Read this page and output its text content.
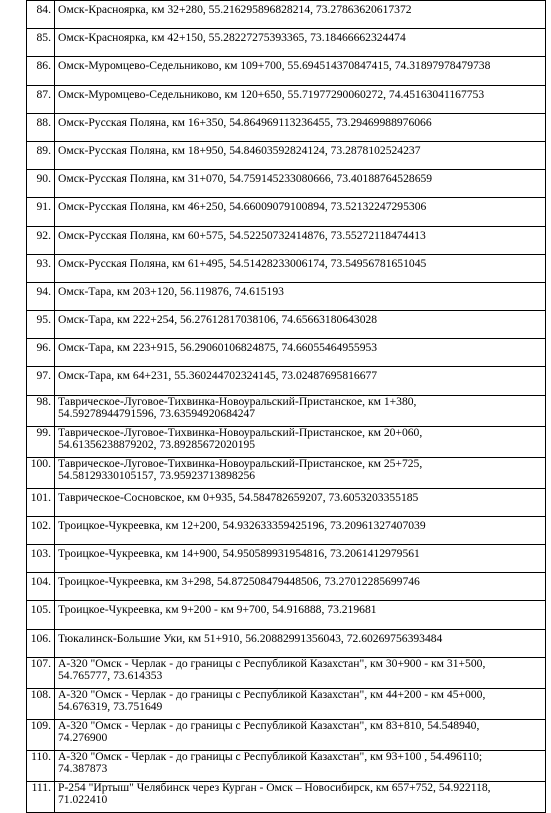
84.	Омск-Красноярка, км 32+280, 55.216295896828214, 73.27863620617372

85.	Омск-Красноярка, км 42+150, 55.28227275393365, 73.18466662324474

86.	Омск-Муромцево-Седельниково, км 109+700, 55.694514370847415, 74.31897978479738

87.	Омск-Муромцево-Седельниково, км 120+650, 55.71977290060272, 74.45163041167753

88.	Омск-Русская Поляна, км 16+350, 54.864969113236455, 73.29469988976066

89.	Омск-Русская Поляна, км 18+950, 54.84603592824124, 73.2878102524237

90.	Омск-Русская Поляна, км 31+070, 54.759145233080666, 73.40188764528659

91.	Омск-Русская Поляна, км 46+250, 54.66009079100894, 73.52132247295306

92.	Омск-Русская Поляна, км 60+575, 54.52250732414876, 73.55272118474413

93.	Омск-Русская Поляна, км 61+495, 54.51428233006174, 73.54956781651045

94.	Омск-Тара, км 203+120, 56.119876, 74.615193

95.	Омск-Тара, км 222+254, 56.27612817038106, 74.65663180643028

96.	Омск-Тара, км 223+915, 56.29060106824875, 74.66055464955953

97.	Омск-Тара, км 64+231, 55.360244702324145, 73.02487695816677

98.	Таврическое-Луговое-Тихвинка-Новоуральский-Пристанское, км 1+380,
54.59278944791596, 73.63594920684247

99.	Таврическое-Луговое-Тихвинка-Новоуральский-Пристанское, км 20+060,
54.61356238879202, 73.89285672020195

100.	Таврическое-Луговое-Тихвинка-Новоуральский-Пристанское, км 25+725,
54.58129330105157, 73.95923713898256

101.	Таврическое-Сосновское, км 0+935, 54.584782659207, 73.6053203355185

102.	Троицкое-Чукреевка, км 12+200, 54.932633359425196, 73.20961327407039

103.	Троицкое-Чукреевка, км 14+900, 54.950589931954816, 73.2061412979561

104.	Троицкое-Чукреевка, км 3+298, 54.872508479448506, 73.27012285699746

105.	Троицкое-Чукреевка, км 9+200 - км 9+700, 54.916888, 73.219681

106.	Тюкалинск-Большие Уки, км 51+910, 56.20882991356043, 72.60269756393484

107.	А-320 "Омск - Черлак - до границы с Республикой Казахстан", км 30+900 - км 31+500,
54.765777, 73.614353

108.	А-320 "Омск - Черлак - до границы с Республикой Казахстан", км 44+200 - км 45+000,
54.676319, 73.751649

109.	А-320 "Омск - Черлак - до границы с Республикой Казахстан", км 83+810, 54.548940,
74.276900

110.	А-320 "Омск - Черлак - до границы с Республикой Казахстан", км 93+100 , 54.496110;
74.387873

111.	Р-254 "Иртыш" Челябинск через Курган - Омск – Новосибирск, км 657+752, 54.922118,
71.022410
